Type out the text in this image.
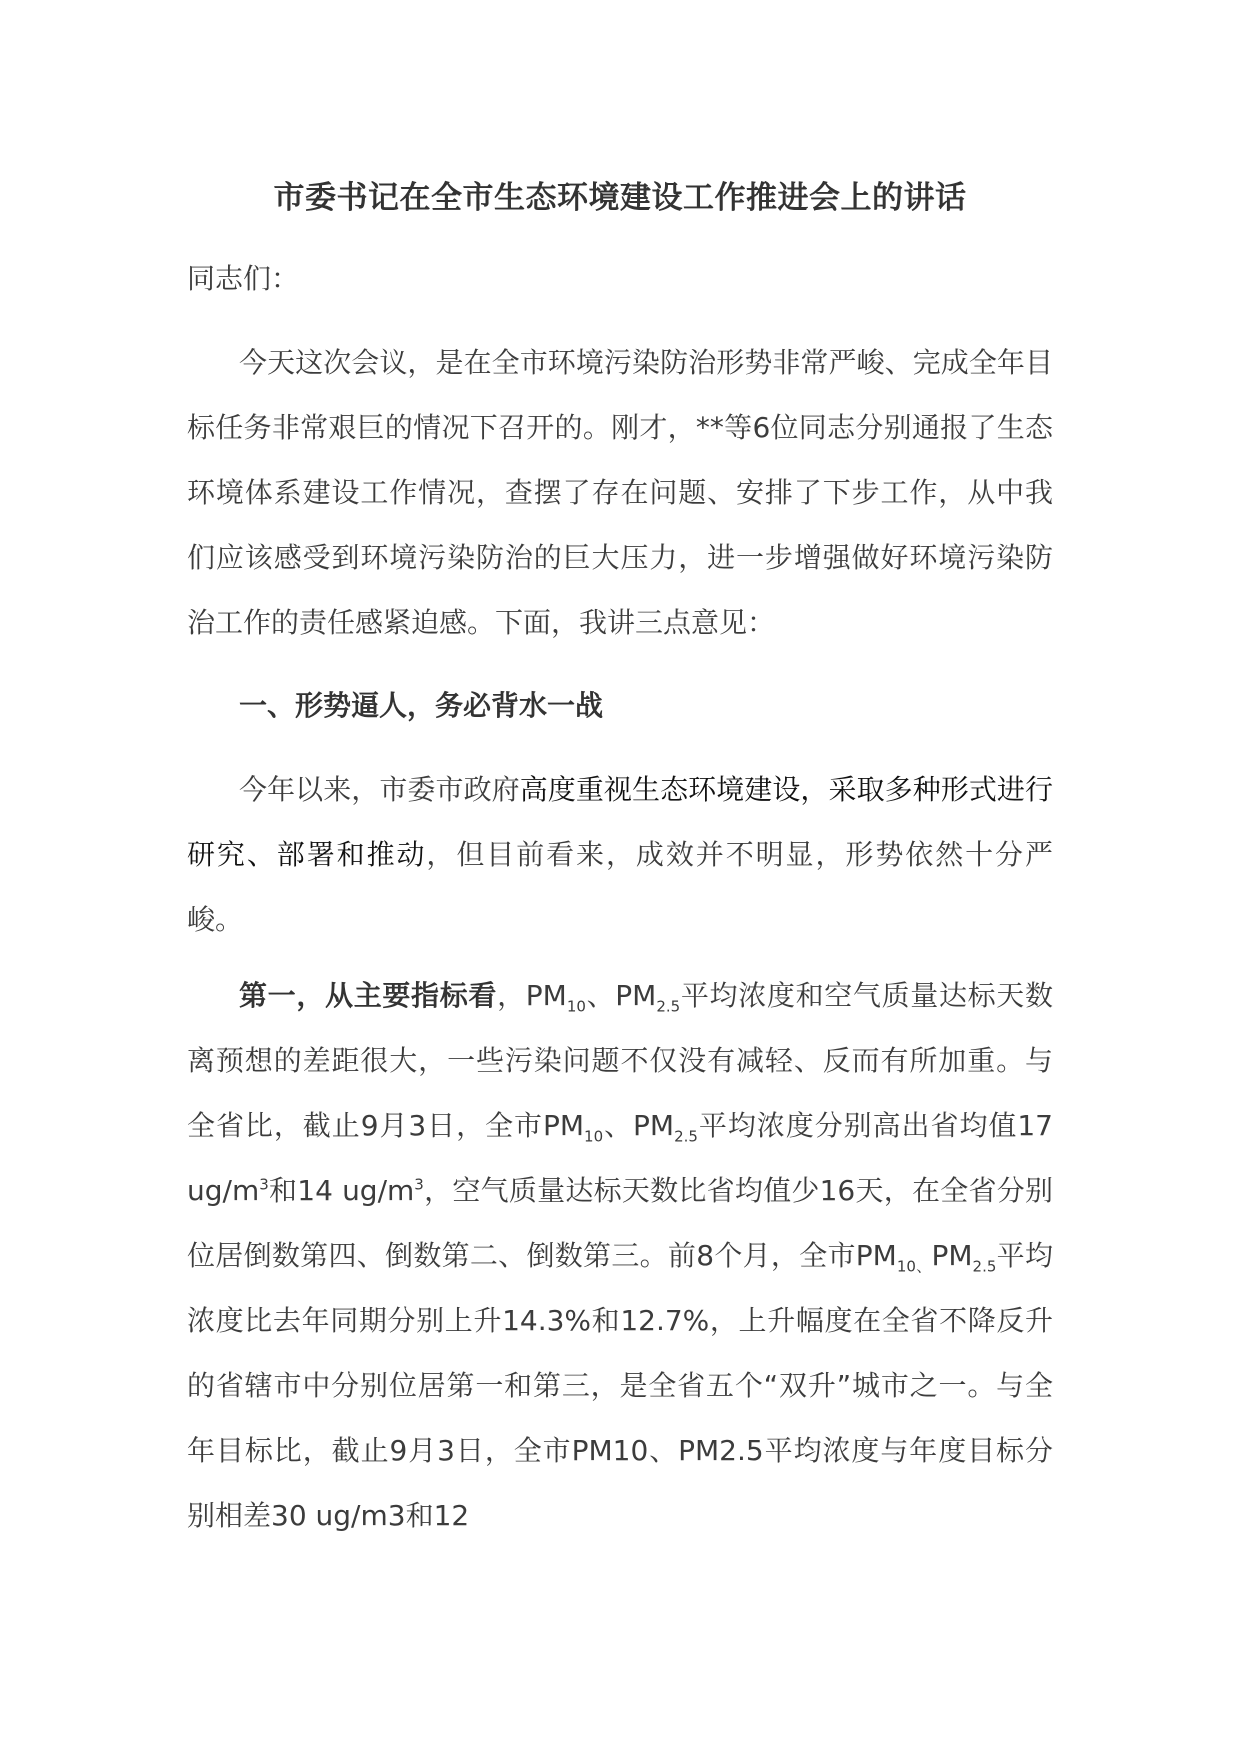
市委书记在全市生态环境建设工作推进会上的讲话

同志们：

今天这次会议，是在全市环境污染防治形势非常严峻、完成全年目标任务非常艰巨的情况下召开的。刚才，**等6位同志分别通报了生态环境体系建设工作情况，查摆了存在问题、安排了下步工作，从中我们应该感受到环境污染防治的巨大压力，进一步增强做好环境污染防治工作的责任感紧迫感。下面，我讲三点意见：

一、形势逼人，务必背水一战

今年以来，市委市政府高度重视生态环境建设，采取多种形式进行研究、部署和推动，但目前看来，成效并不明显，形势依然十分严峻。

第一，从主要指标看，$PM_{10}$、$PM_{2.5}$平均浓度和空气质量达标天数离预想的差距很大，一些污染问题不仅没有减轻、反而有所加重。与全省比，截止9月3日，全市$PM_{10}$、$PM_{2.5}$平均浓度分别高出省均值17 $ug/m^3$和14 $ug/m^3$，空气质量达标天数比省均值少16天，在全省分别位居倒数第四、倒数第二、倒数第三。前8个月，全市$PM_{10、}PM_{2.5}$平均浓度比去年同期分别上升14.3%和12.7%，上升幅度在全省不降反升的省辖市中分别位居第一和第三，是全省五个“双升”城市之一。与全年目标比，截止9月3日，全市PM10、PM2.5平均浓度与年度目标分别相差30 ug/m3和12
